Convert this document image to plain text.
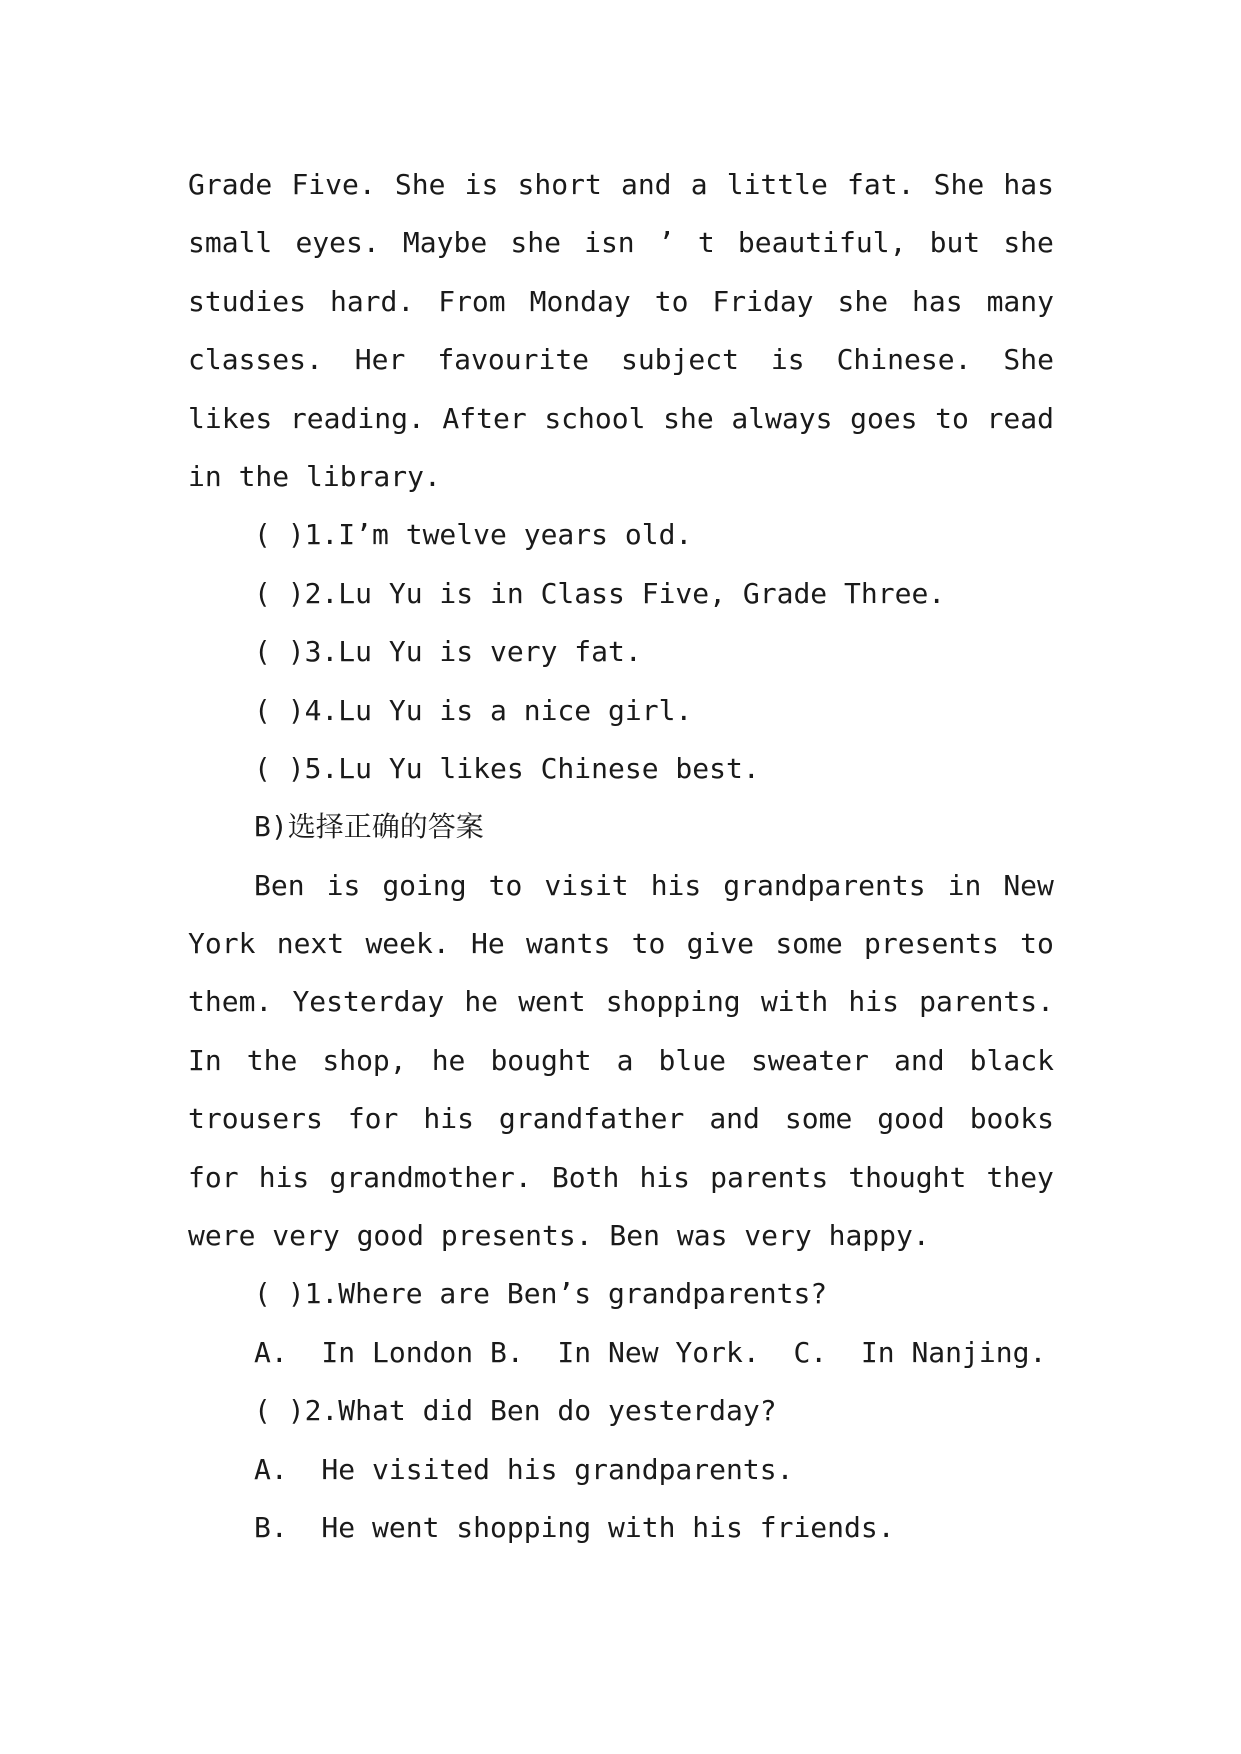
Grade Five. She is short and a little fat. She has
small eyes. Maybe she isn ’ t beautiful, but she
studies hard. From Monday to Friday she has many
classes. Her favourite subject is Chinese. She
likes reading. After school she always goes to read

in the library.

( )1.I’m twelve years old.

( )2.Lu Yu is in Class Five, Grade Three.

( )3.Lu Yu is very fat.

( )4.Lu Yu is a nice girl.

( )5.Lu Yu likes Chinese best.

B)选择正确的答案

Ben is going to visit his grandparents in New
York next week. He wants to give some presents to
them. Yesterday he went shopping with his parents.
In the shop, he bought a blue sweater and black
trousers for his grandfather and some good books
for his grandmother. Both his parents thought they

were very good presents. Ben was very happy.

( )1.Where are Ben’s grandparents?

A.  In London B.  In New York.  C.  In Nanjing.

( )2.What did Ben do yesterday?

A.  He visited his grandparents.

B.  He went shopping with his friends.
